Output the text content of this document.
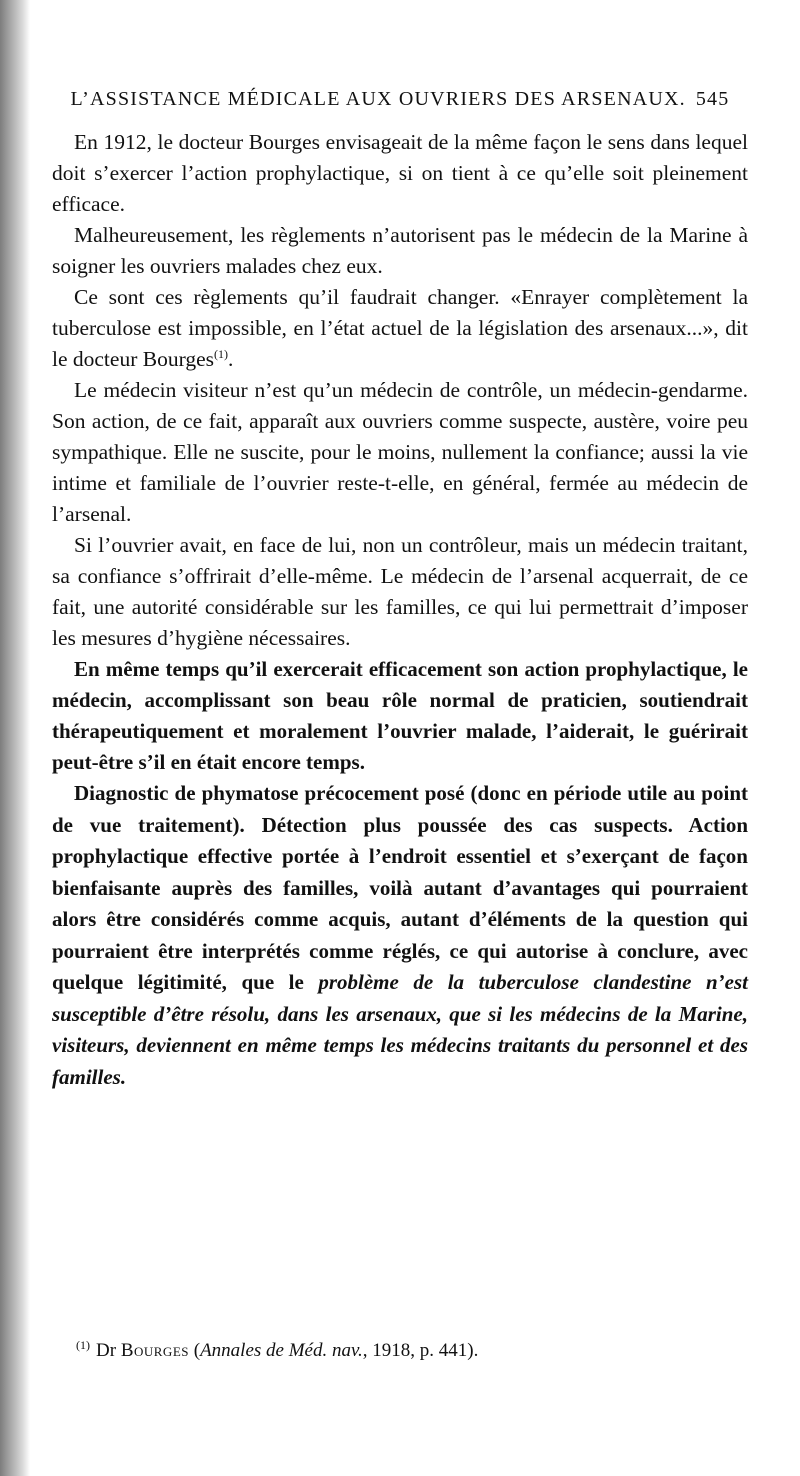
L’ASSISTANCE MÉDICALE AUX OUVRIERS DES ARSENAUX. 545

En 1912, le docteur Bourges envisageait de la même façon le sens dans lequel doit s’exercer l’action prophylactique, si on tient à ce qu’elle soit pleinement efficace.

Malheureusement, les règlements n’autorisent pas le médecin de la Marine à soigner les ouvriers malades chez eux.

Ce sont ces règlements qu’il faudrait changer. «Enrayer complètement la tuberculose est impossible, en l’état actuel de la législation des arsenaux...», dit le docteur Bourges$^{(1)}$.

Le médecin visiteur n’est qu’un médecin de contrôle, un médecin-gendarme. Son action, de ce fait, apparaît aux ouvriers comme suspecte, austère, voire peu sympathique. Elle ne suscite, pour le moins, nullement la confiance; aussi la vie intime et familiale de l’ouvrier reste-t-elle, en général, fermée au médecin de l’arsenal.

Si l’ouvrier avait, en face de lui, non un contrôleur, mais un médecin traitant, sa confiance s’offrirait d’elle-même. Le médecin de l’arsenal acquerrait, de ce fait, une autorité considérable sur les familles, ce qui lui permettrait d’imposer les mesures d’hygiène nécessaires.

En même temps qu’il exercerait efficacement son action prophylactique, le médecin, accomplissant son beau rôle normal de praticien, soutiendrait thérapeutiquement et moralement l’ouvrier malade, l’aiderait, le guérirait peut-être s’il en était encore temps.

Diagnostic de phymatose précocement posé (donc en période utile au point de vue traitement). Détection plus poussée des cas suspects. Action prophylactique effective portée à l’endroit essentiel et s’exerçant de façon bienfaisante auprès des familles, voilà autant d’avantages qui pourraient alors être considérés comme acquis, autant d’éléments de la question qui pourraient être interprétés comme réglés, ce qui autorise à conclure, avec quelque légitimité, que le problème de la tuberculose clandestine n’est susceptible d’être résolu, dans les arsenaux, que si les médecins de la Marine, visiteurs, deviennent en même temps les médecins traitants du personnel et des familles.

$^{(1)}$ Dr Bourges (Annales de Méd. nav., 1918, p. 441).
